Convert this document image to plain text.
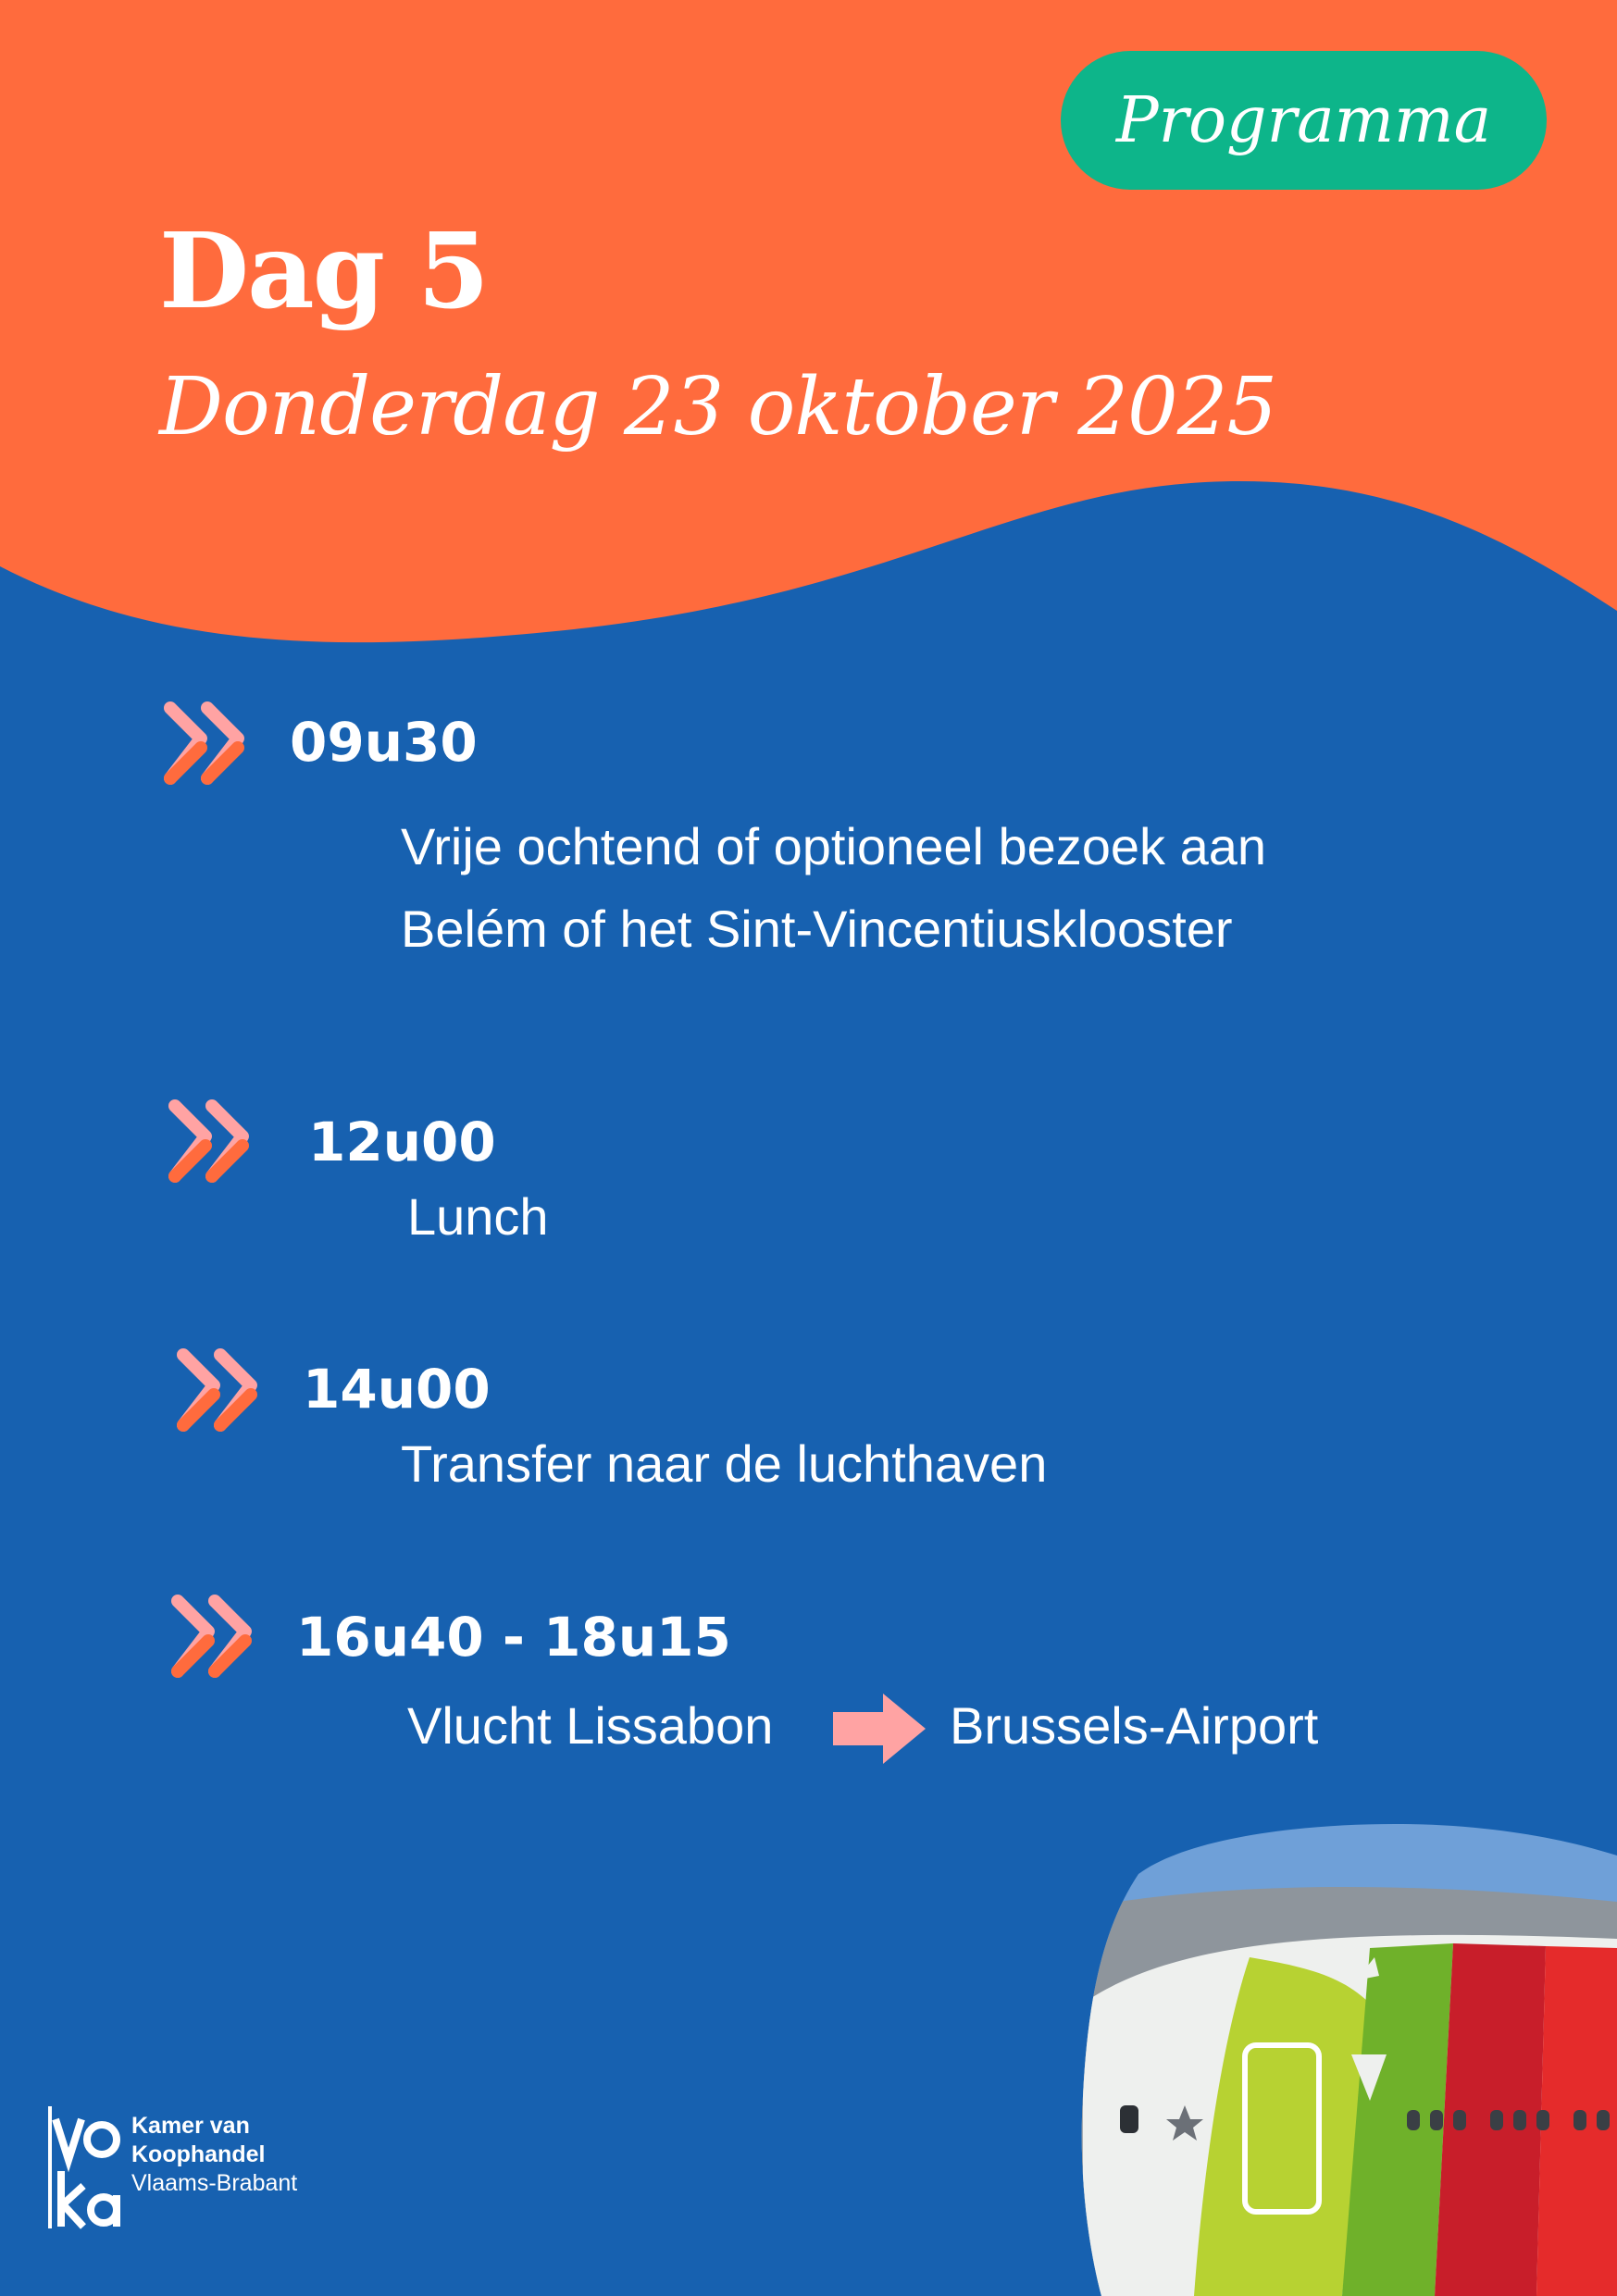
Programma
Dag 5
Donderdag 23 oktober 2025
09u30
Vrije ochtend of optioneel bezoek aan
Belém of het Sint-Vincentiusklooster
12u00
Lunch
14u00
Transfer naar de luchthaven
16u40 - 18u15
Vlucht Lissabon	Brussels-Airport
Kamer van
Koophandel
Vlaams-Brabant
